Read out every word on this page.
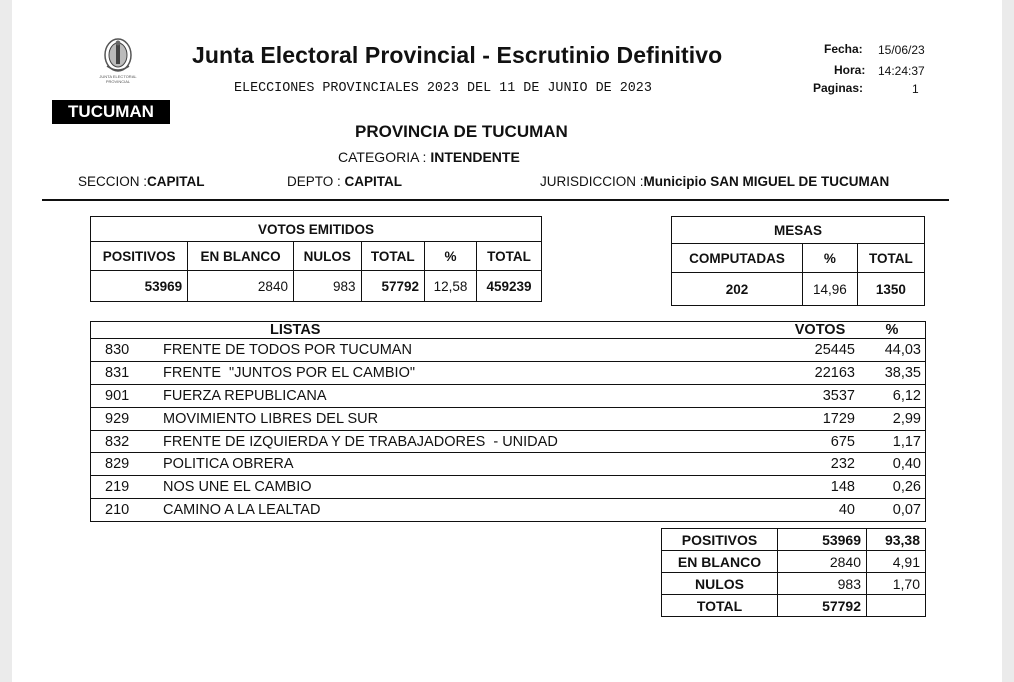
JUNTA ELECTORAL PROVINCIAL
Junta Electoral Provincial - Escrutinio Definitivo
ELECCIONES PROVINCIALES 2023 DEL 11 DE JUNIO DE 2023
Fecha: 15/06/23
Hora: 14:24:37
Paginas:	1
TUCUMAN
PROVINCIA DE TUCUMAN
CATEGORIA : INTENDENTE
SECCION :CAPITAL	DEPTO : CAPITAL	JURISDICCION :Municipio SAN MIGUEL DE TUCUMAN
VOTOS EMITIDOS					
POSITIVOS	EN BLANCO	NULOS	TOTAL	%	TOTAL
53969	2840	983	57792	12,58	459239
MESAS		
COMPUTADAS	%	TOTAL
202	14,96	1350
	LISTAS	VOTOS	%
830	FRENTE DE TODOS POR TUCUMAN	25445	44,03
831	FRENTE  "JUNTOS POR EL CAMBIO"	22163	38,35
901	FUERZA REPUBLICANA	3537	6,12
929	MOVIMIENTO LIBRES DEL SUR	1729	2,99
832	FRENTE DE IZQUIERDA Y DE TRABAJADORES  - UNIDAD	675	1,17
829	POLITICA OBRERA	232	0,40
219	NOS UNE EL CAMBIO	148	0,26
210	CAMINO A LA LEALTAD	40	0,07
POSITIVOS	53969	93,38
EN BLANCO	2840	4,91
NULOS	983	1,70
TOTAL	57792	
